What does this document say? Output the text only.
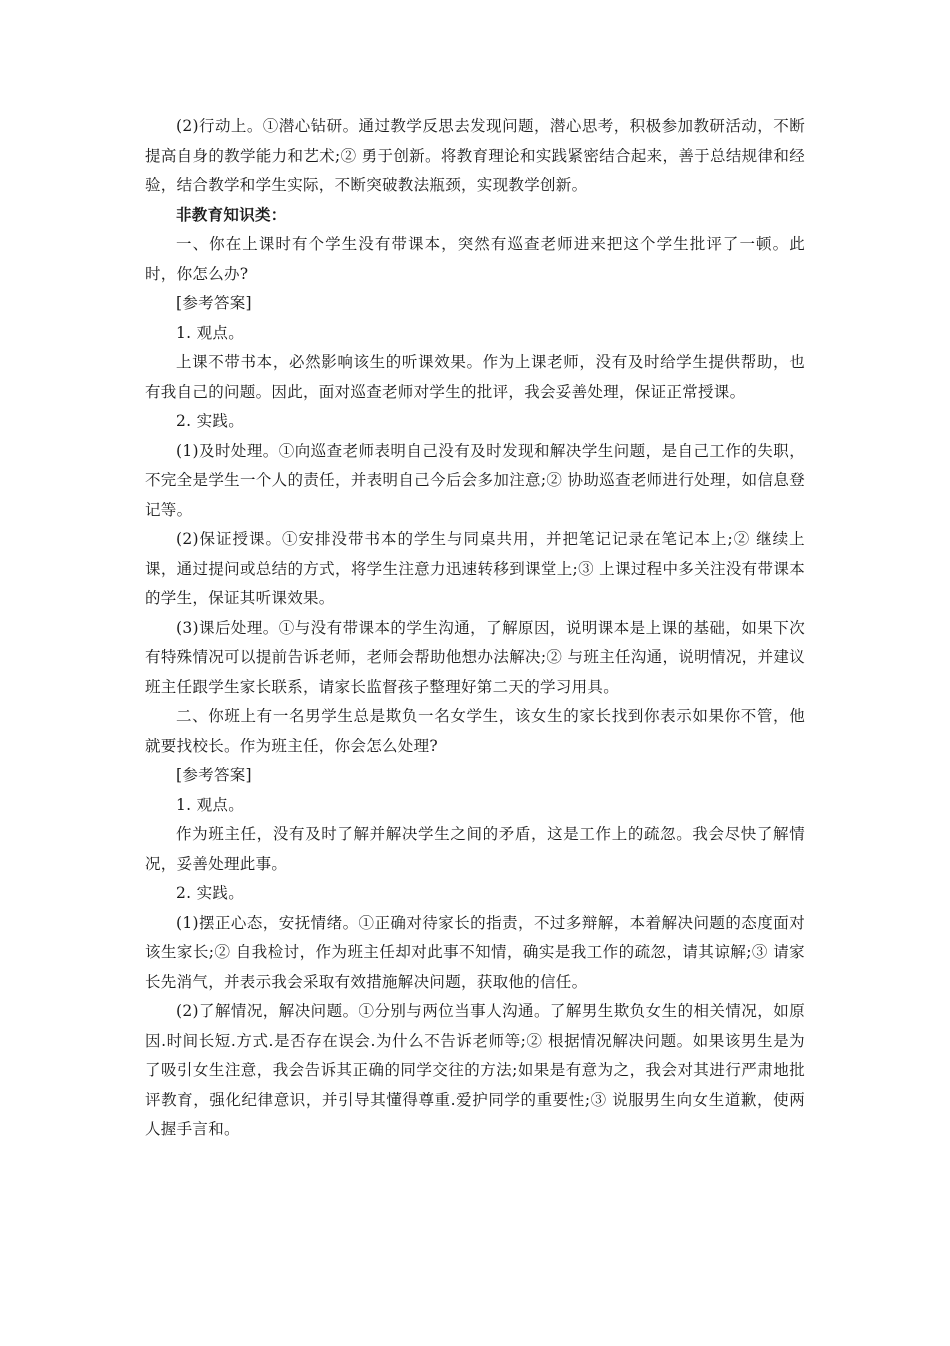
(2)行动上。①潜心钻研。通过教学反思去发现问题，潜心思考，积极参加教研活动，不断提高自身的教学能力和艺术;② 勇于创新。将教育理论和实践紧密结合起来，善于总结规律和经验，结合教学和学生实际，不断突破教法瓶颈，实现教学创新。

非教育知识类：

一、你在上课时有个学生没有带课本，突然有巡查老师进来把这个学生批评了一顿。此时，你怎么办?

[参考答案]

1. 观点。

上课不带书本，必然影响该生的听课效果。作为上课老师，没有及时给学生提供帮助，也有我自己的问题。因此，面对巡查老师对学生的批评，我会妥善处理，保证正常授课。

2. 实践。

(1)及时处理。①向巡查老师表明自己没有及时发现和解决学生问题，是自己工作的失职，不完全是学生一个人的责任，并表明自己今后会多加注意;② 协助巡查老师进行处理，如信息登记等。

(2)保证授课。①安排没带书本的学生与同桌共用，并把笔记记录在笔记本上;② 继续上课，通过提问或总结的方式，将学生注意力迅速转移到课堂上;③ 上课过程中多关注没有带课本的学生，保证其听课效果。

(3)课后处理。①与没有带课本的学生沟通，了解原因，说明课本是上课的基础，如果下次有特殊情况可以提前告诉老师，老师会帮助他想办法解决;② 与班主任沟通，说明情况，并建议班主任跟学生家长联系，请家长监督孩子整理好第二天的学习用具。

二、你班上有一名男学生总是欺负一名女学生，该女生的家长找到你表示如果你不管，他就要找校长。作为班主任，你会怎么处理?

[参考答案]

1. 观点。

作为班主任，没有及时了解并解决学生之间的矛盾，这是工作上的疏忽。我会尽快了解情况，妥善处理此事。

2. 实践。

(1)摆正心态，安抚情绪。①正确对待家长的指责，不过多辩解，本着解决问题的态度面对该生家长;② 自我检讨，作为班主任却对此事不知情，确实是我工作的疏忽，请其谅解;③ 请家长先消气，并表示我会采取有效措施解决问题，获取他的信任。

(2)了解情况，解决问题。①分别与两位当事人沟通。了解男生欺负女生的相关情况，如原因.时间长短.方式.是否存在误会.为什么不告诉老师等;② 根据情况解决问题。如果该男生是为了吸引女生注意，我会告诉其正确的同学交往的方法;如果是有意为之，我会对其进行严肃地批评教育，强化纪律意识，并引导其懂得尊重.爱护同学的重要性;③ 说服男生向女生道歉，使两人握手言和。
